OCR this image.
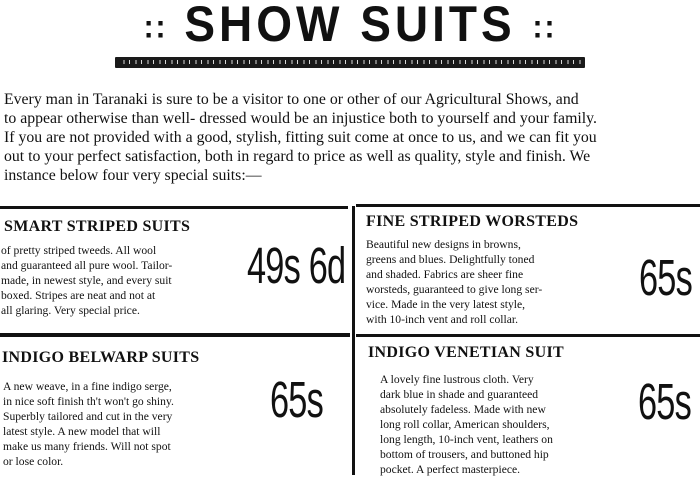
:: SHOW SUITS ::

Every man in Taranaki is sure to be a visitor to one or other of our Agricultural Shows, and
to appear otherwise than well- dressed would be an injustice both to yourself and your family.
If you are not provided with a good, stylish, fitting suit come at once to us, and we can fit you
out to your perfect satisfaction, both in regard to price as well as quality, style and finish. We
instance below four very special suits:—

SMART STRIPED SUITS

of pretty striped tweeds. All wool
and guaranteed all pure wool. Tailor-
made, in newest style, and every suit
boxed. Stripes are neat and not at
all glaring. Very special price.

49s 6d
FINE STRIPED WORSTEDS

Beautiful new designs in browns,
greens and blues. Delightfully toned
and shaded. Fabrics are sheer fine
worsteds, guaranteed to give long ser-
vice. Made in the very latest style,
with 10-inch vent and roll collar.

65s
INDIGO BELWARP SUITS

A new weave, in a fine indigo serge,
in nice soft finish th't won't go shiny.
Superbly tailored and cut in the very
latest style. A new model that will
make us many friends. Will not spot
or lose color.

65s
INDIGO VENETIAN SUIT

A lovely fine lustrous cloth. Very
dark blue in shade and guaranteed
absolutely fadeless. Made with new
long roll collar, American shoulders,
long length, 10-inch vent, leathers on
bottom of trousers, and buttoned hip
pocket. A perfect masterpiece.

65s
